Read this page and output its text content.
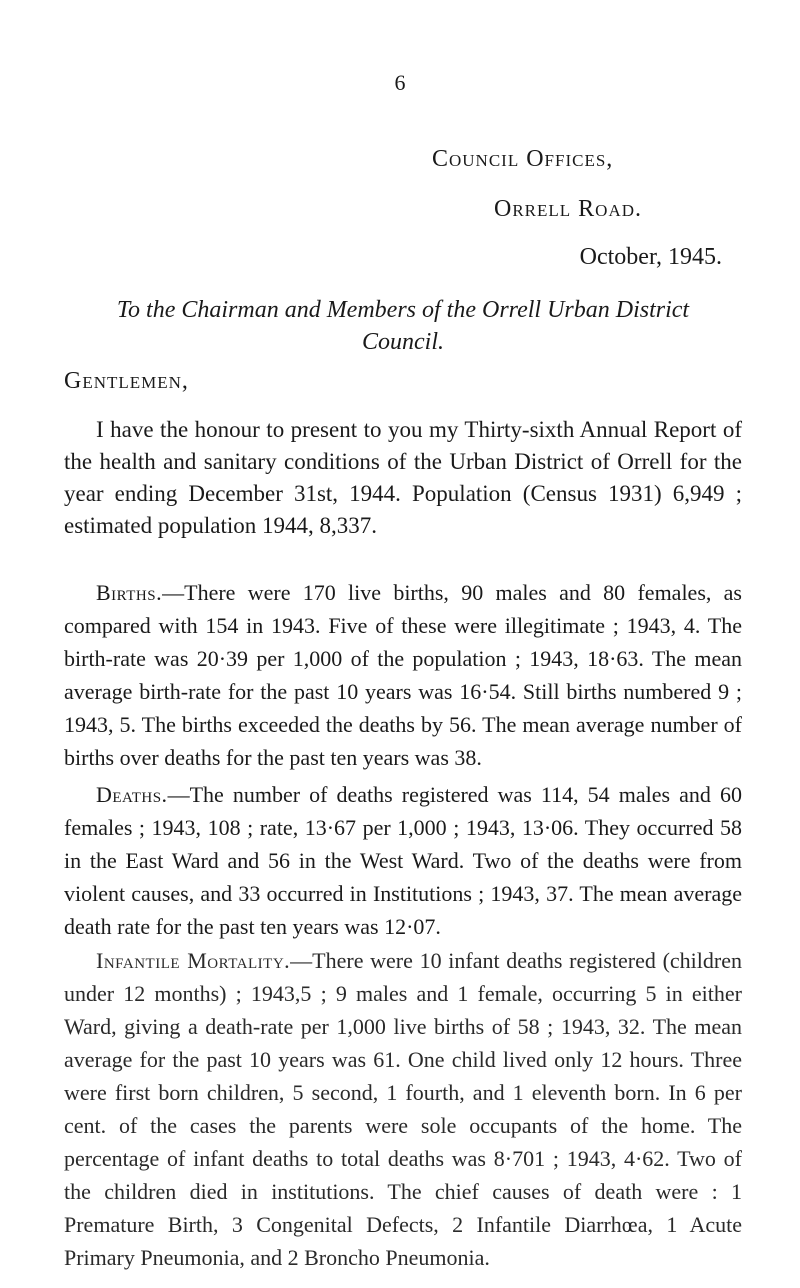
6
Council Offices,
Orrell Road.
October, 1945.
To the Chairman and Members of the Orrell Urban District Council.
Gentlemen,

I have the honour to present to you my Thirty-sixth Annual Report of the health and sanitary conditions of the Urban District of Orrell for the year ending December 31st, 1944. Population (Census 1931) 6,949 ; estimated population 1944, 8,337.

Births.—There were 170 live births, 90 males and 80 females, as compared with 154 in 1943. Five of these were illegitimate ; 1943, 4. The birth-rate was 20·39 per 1,000 of the population ; 1943, 18·63. The mean average birth-rate for the past 10 years was 16·54. Still births numbered 9 ; 1943, 5. The births exceeded the deaths by 56. The mean average number of births over deaths for the past ten years was 38.

Deaths.—The number of deaths registered was 114, 54 males and 60 females ; 1943, 108 ; rate, 13·67 per 1,000 ; 1943, 13·06. They occurred 58 in the East Ward and 56 in the West Ward. Two of the deaths were from violent causes, and 33 occurred in Institutions ; 1943, 37. The mean average death rate for the past ten years was 12·07.

Infantile Mortality.—There were 10 infant deaths registered (children under 12 months) ; 1943,5 ; 9 males and 1 female, occurring 5 in either Ward, giving a death-rate per 1,000 live births of 58 ; 1943, 32. The mean average for the past 10 years was 61. One child lived only 12 hours. Three were first born children, 5 second, 1 fourth, and 1 eleventh born. In 6 per cent. of the cases the parents were sole occupants of the home. The percentage of infant deaths to total deaths was 8·701 ; 1943, 4·62. Two of the children died in institutions. The chief causes of death were : 1 Premature Birth, 3 Congenital Defects, 2 Infantile Diarrhœa, 1 Acute Primary Pneumonia, and 2 Broncho Pneumonia.
